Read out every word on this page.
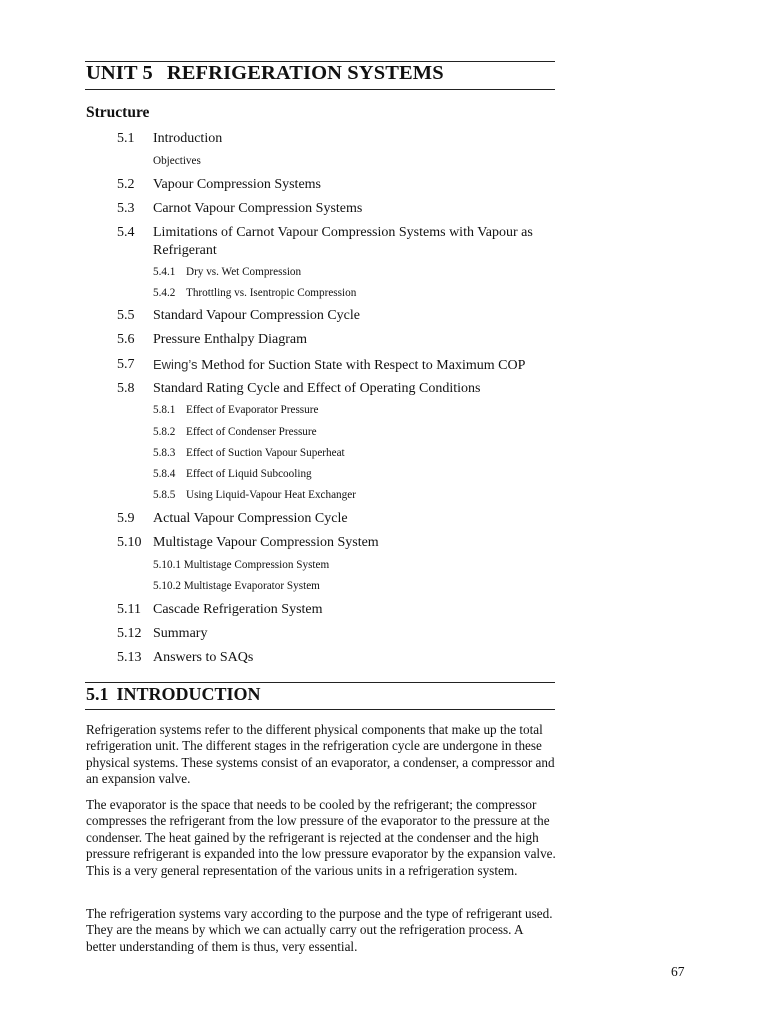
UNIT 5 REFRIGERATION SYSTEMS
Structure
5.1 Introduction
Objectives
5.2 Vapour Compression Systems
5.3 Carnot Vapour Compression Systems
5.4 Limitations of Carnot Vapour Compression Systems with Vapour as
Refrigerant
5.4.1 Dry vs. Wet Compression
5.4.2 Throttling vs. Isentropic Compression
5.5 Standard Vapour Compression Cycle
5.6 Pressure Enthalpy Diagram
5.7 Ewing’s Method for Suction State with Respect to Maximum COP
5.8 Standard Rating Cycle and Effect of Operating Conditions
5.8.1 Effect of Evaporator Pressure
5.8.2 Effect of Condenser Pressure
5.8.3 Effect of Suction Vapour Superheat
5.8.4 Effect of Liquid Subcooling
5.8.5 Using Liquid-Vapour Heat Exchanger
5.9 Actual Vapour Compression Cycle
5.10 Multistage Vapour Compression System
5.10.1 Multistage Compression System
5.10.2 Multistage Evaporator System
5.11 Cascade Refrigeration System
5.12 Summary
5.13 Answers to SAQs
5.1 INTRODUCTION

Refrigeration systems refer to the different physical components that make up the total refrigeration unit. The different stages in the refrigeration cycle are undergone in these physical systems. These systems consist of an evaporator, a condenser, a compressor and an expansion valve.

The evaporator is the space that needs to be cooled by the refrigerant; the compressor compresses the refrigerant from the low pressure of the evaporator to the pressure at the condenser. The heat gained by the refrigerant is rejected at the condenser and the high pressure refrigerant is expanded into the low pressure evaporator by the expansion valve. This is a very general representation of the various units in a refrigeration system.

The refrigeration systems vary according to the purpose and the type of refrigerant used. They are the means by which we can actually carry out the refrigeration process. A better understanding of them is thus, very essential.

67
